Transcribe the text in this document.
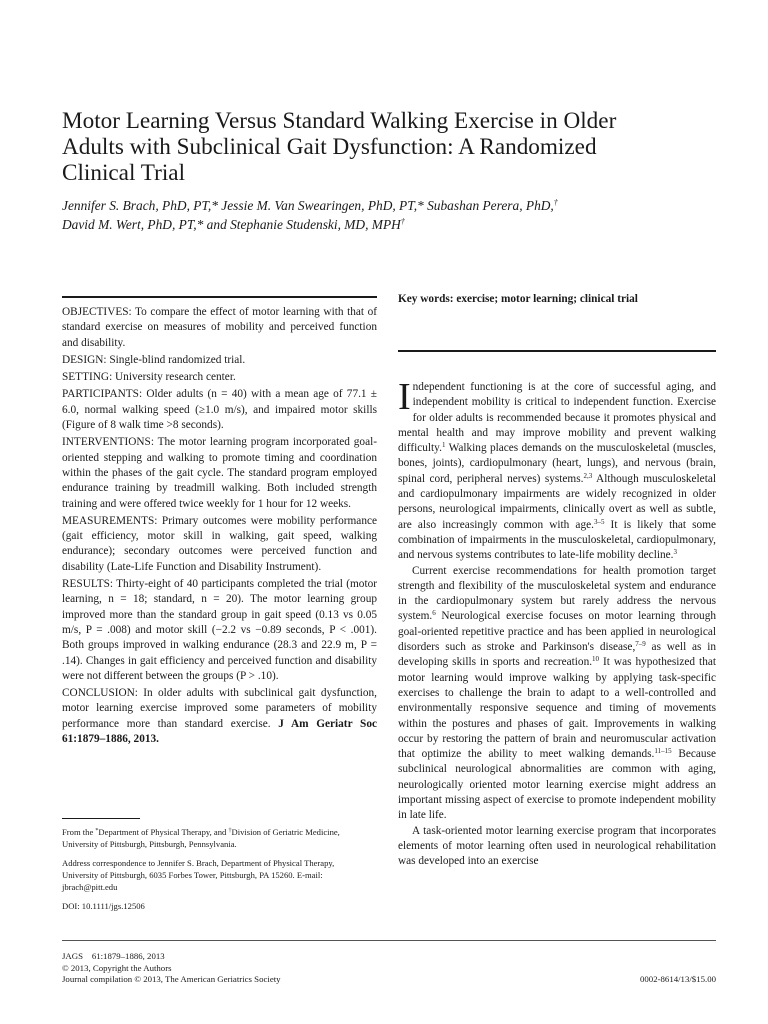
Motor Learning Versus Standard Walking Exercise in Older
Adults with Subclinical Gait Dysfunction: A Randomized
Clinical Trial
Jennifer S. Brach, PhD, PT,* Jessie M. Van Swearingen, PhD, PT,* Subashan Perera, PhD,†
David M. Wert, PhD, PT,* and Stephanie Studenski, MD, MPH†

OBJECTIVES: To compare the effect of motor learning with that of standard exercise on measures of mobility and perceived function and disability.

DESIGN: Single-blind randomized trial.

SETTING: University research center.

PARTICIPANTS: Older adults (n = 40) with a mean age of 77.1 ± 6.0, normal walking speed (≥1.0 m/s), and impaired motor skills (Figure of 8 walk time >8 seconds).

INTERVENTIONS: The motor learning program incorporated goal-oriented stepping and walking to promote timing and coordination within the phases of the gait cycle. The standard program employed endurance training by treadmill walking. Both included strength training and were offered twice weekly for 1 hour for 12 weeks.

MEASUREMENTS: Primary outcomes were mobility performance (gait efficiency, motor skill in walking, gait speed, walking endurance); secondary outcomes were perceived function and disability (Late-Life Function and Disability Instrument).

RESULTS: Thirty-eight of 40 participants completed the trial (motor learning, n = 18; standard, n = 20). The motor learning group improved more than the standard group in gait speed (0.13 vs 0.05 m/s, P = .008) and motor skill (−2.2 vs −0.89 seconds, P < .001). Both groups improved in walking endurance (28.3 and 22.9 m, P = .14). Changes in gait efficiency and perceived function and disability were not different between the groups (P > .10).

CONCLUSION: In older adults with subclinical gait dysfunction, motor learning exercise improved some parameters of mobility performance more than standard exercise. J Am Geriatr Soc 61:1879–1886, 2013.

Key words: exercise; motor learning; clinical trial

Independent functioning is at the core of successful aging, and independent mobility is critical to independent function. Exercise for older adults is recommended because it promotes physical and mental health and may improve mobility and prevent walking difficulty.$^1$ Walking places demands on the musculoskeletal (muscles, bones, joints), cardiopulmonary (heart, lungs), and nervous (brain, spinal cord, peripheral nerves) systems.$^{2,3}$ Although musculoskeletal and cardiopulmonary impairments are widely recognized in older persons, neurological impairments, clinically overt as well as subtle, are also increasingly common with age.$^{3-5}$ It is likely that some combination of impairments in the musculoskeletal, cardiopulmonary, and nervous systems contributes to late-life mobility decline.$^3$

Current exercise recommendations for health promotion target strength and flexibility of the musculoskeletal system and endurance in the cardiopulmonary system but rarely address the nervous system.$^6$ Neurological exercise focuses on motor learning through goal-oriented repetitive practice and has been applied in neurological disorders such as stroke and Parkinson's disease,$^{7-9}$ as well as in developing skills in sports and recreation.$^{10}$ It was hypothesized that motor learning would improve walking by applying task-specific exercises to challenge the brain to adapt to a well-controlled and environmentally responsive sequence and timing of movements within the postures and phases of gait. Improvements in walking occur by restoring the pattern of brain and neuromuscular activation that optimize the ability to meet walking demands.$^{11-15}$ Because subclinical neurological abnormalities are common with aging, neurologically oriented motor learning exercise might address an important missing aspect of exercise to promote independent mobility in late life.

A task-oriented motor learning exercise program that incorporates elements of motor learning often used in neurological rehabilitation was developed into an exercise

From the *Department of Physical Therapy, and †Division of Geriatric Medicine, University of Pittsburgh, Pittsburgh, Pennsylvania.

Address correspondence to Jennifer S. Brach, Department of Physical Therapy, University of Pittsburgh, 6035 Forbes Tower, Pittsburgh, PA 15260. E-mail: jbrach@pitt.edu

DOI: 10.1111/jgs.12506

JAGS    61:1879–1886, 2013
© 2013, Copyright the Authors
Journal compilation © 2013, The American Geriatrics Society	0002-8614/13/$15.00
